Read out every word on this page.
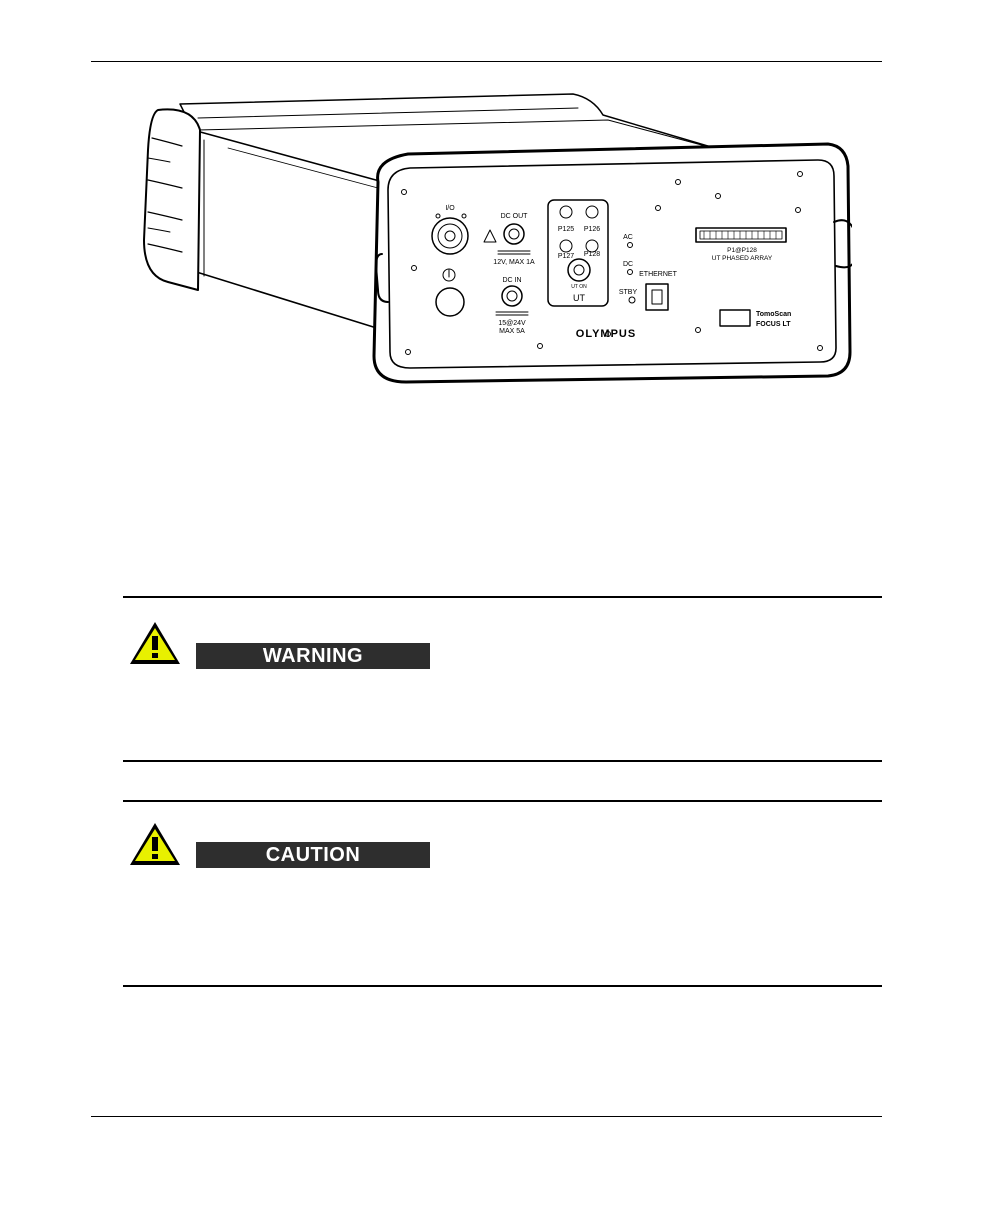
I/O
DC OUT
12V, MAX 1A
DC IN
15@24V
MAX 5A
P125 P126
P127 P128
UT ON
UT
AC
DC
STBY
ETHERNET
P1@P128
UT PHASED ARRAY
OLYMPUS
TomoScan
FOCUS LT
WARNING
CAUTION
